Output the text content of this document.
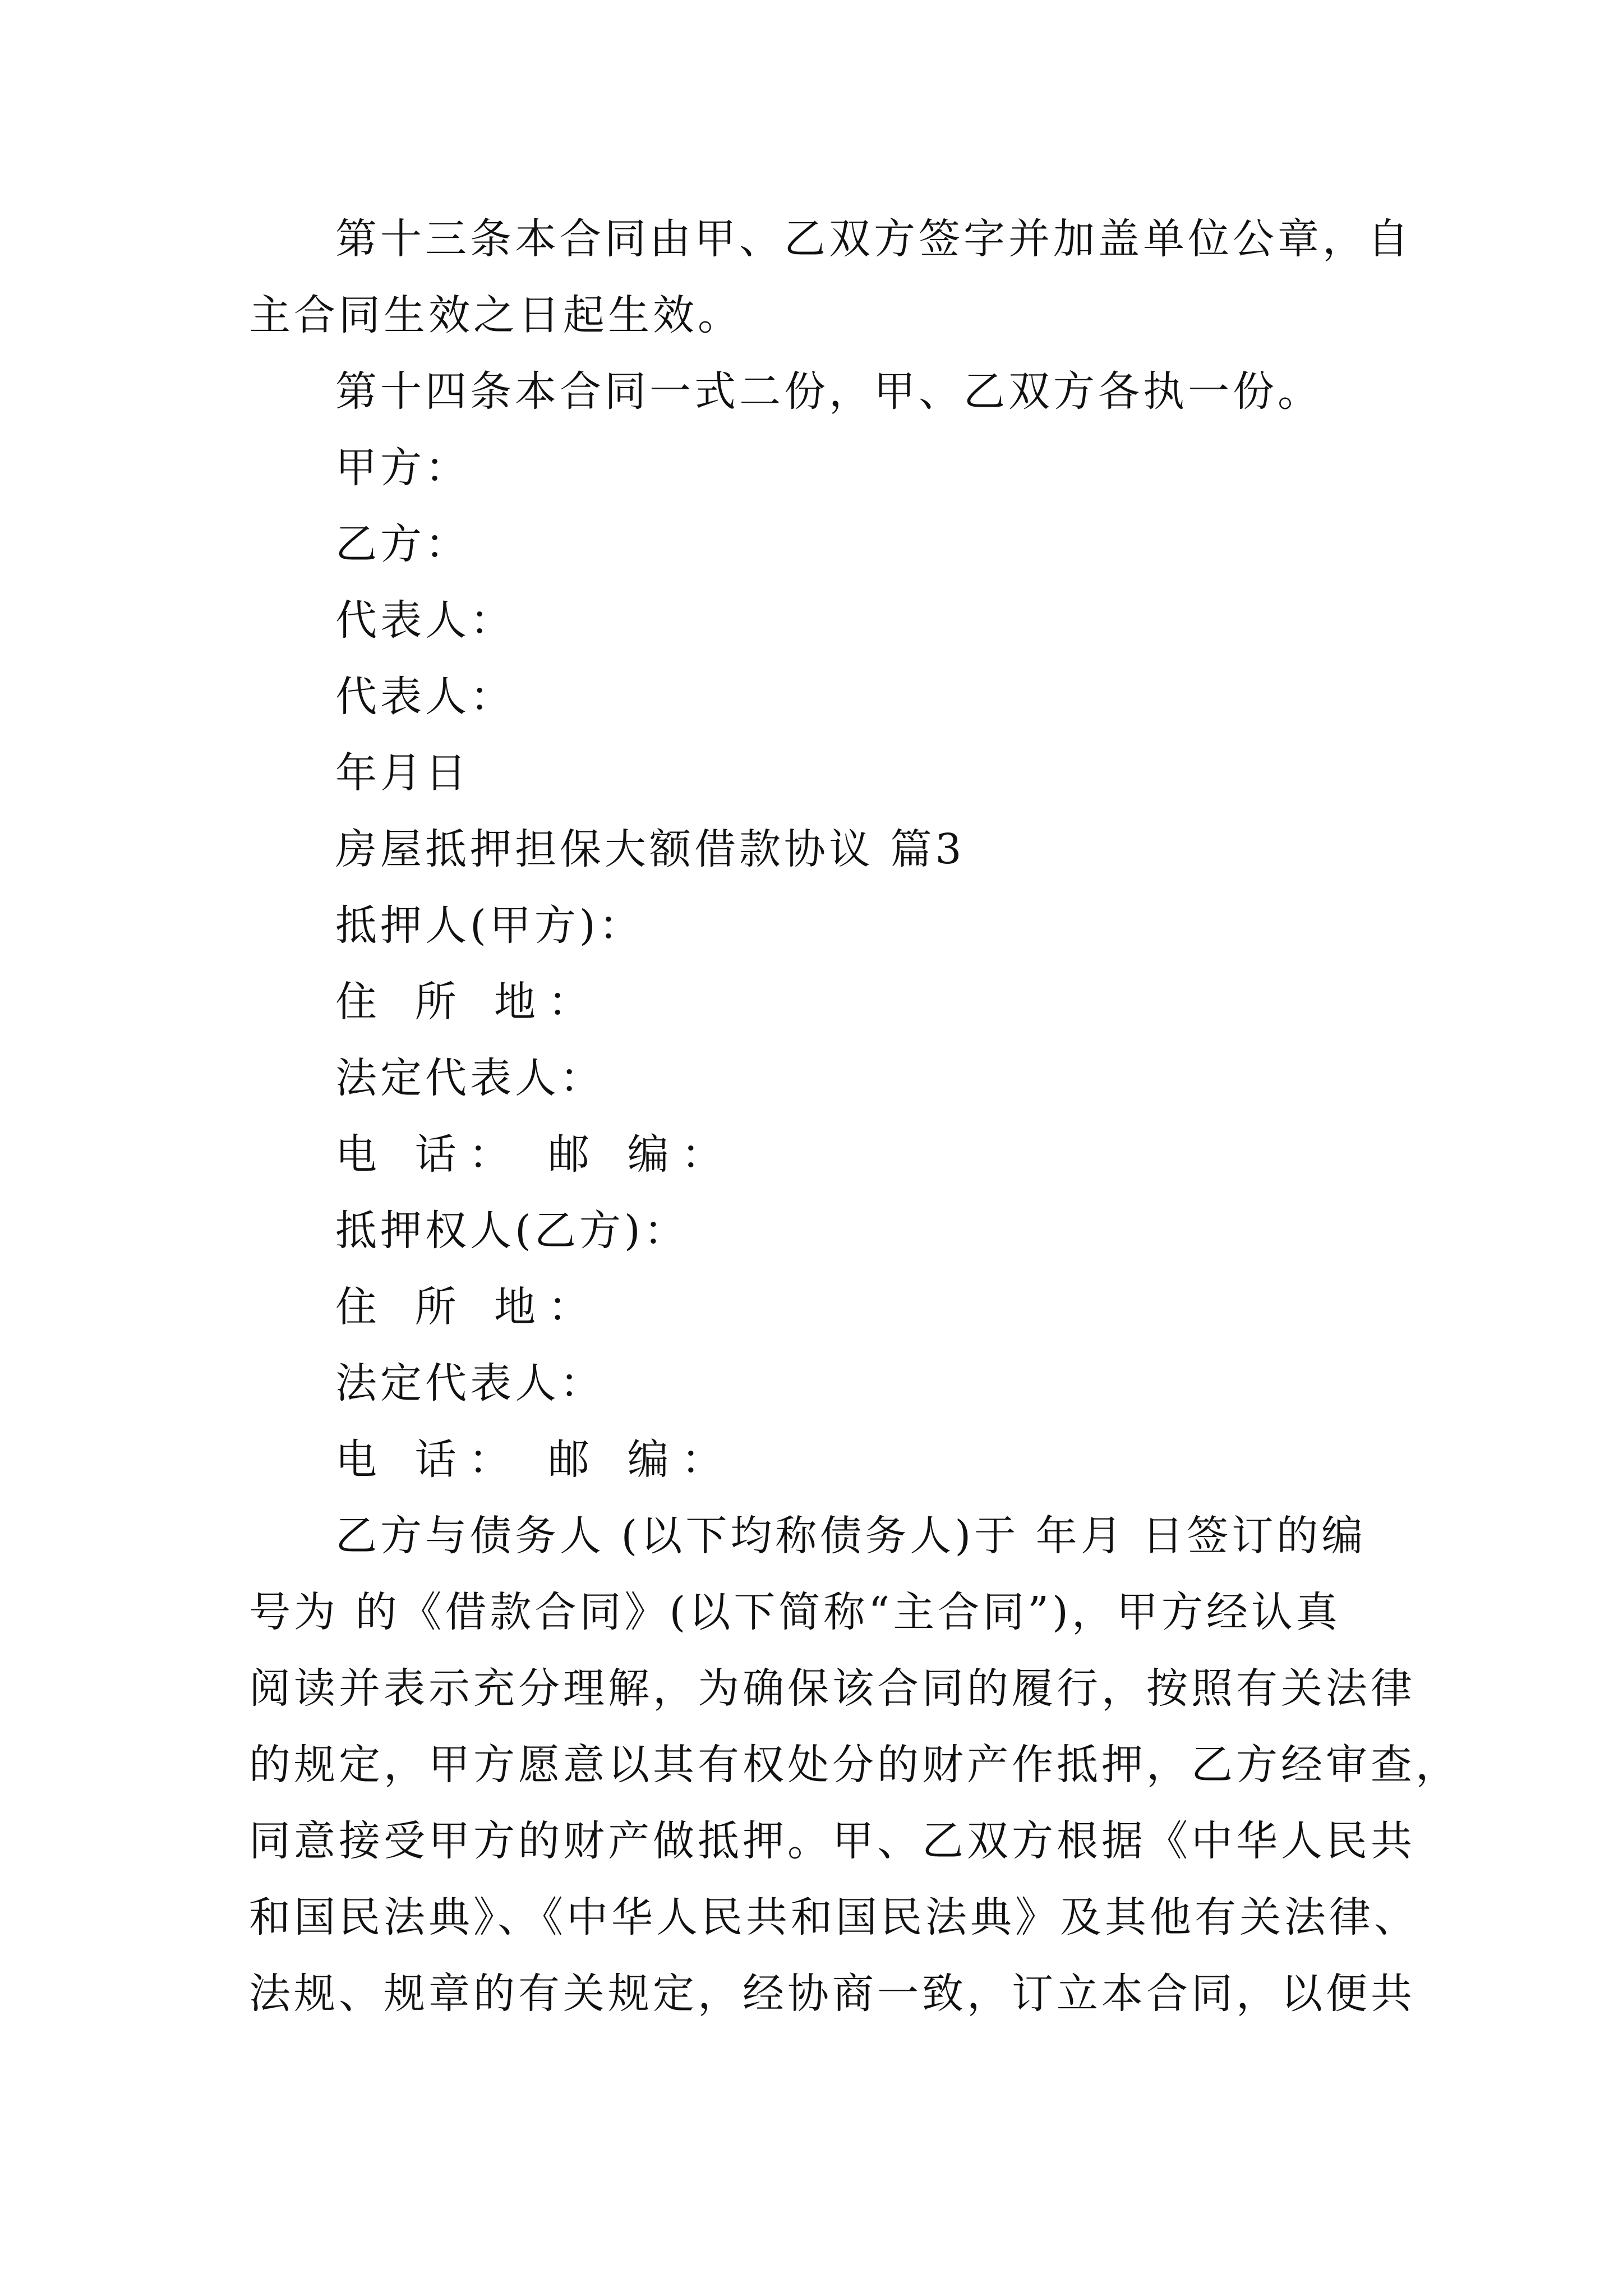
第十三条本合同由甲、乙双方签字并加盖单位公章，自
主合同生效之日起生效。
第十四条本合同一式二份，甲、乙双方各执一份。
甲方：
乙方：
代表人：
代表人：
年月日
房屋抵押担保大额借款协议 篇3
抵押人(甲方)：
住 所 地：
法定代表人：
电 话： 邮 编：
抵押权人(乙方)：
住 所 地：
法定代表人：
电 话： 邮 编：
乙方与债务人 (以下均称债务人)于 年月 日签订的编
号为 的《借款合同》(以下简称“主合同”)，甲方经认真
阅读并表示充分理解，为确保该合同的履行，按照有关法律
的规定，甲方愿意以其有权处分的财产作抵押，乙方经审查，
同意接受甲方的财产做抵押。甲、乙双方根据《中华人民共
和国民法典》、《中华人民共和国民法典》及其他有关法律、
法规、规章的有关规定，经协商一致，订立本合同，以便共
